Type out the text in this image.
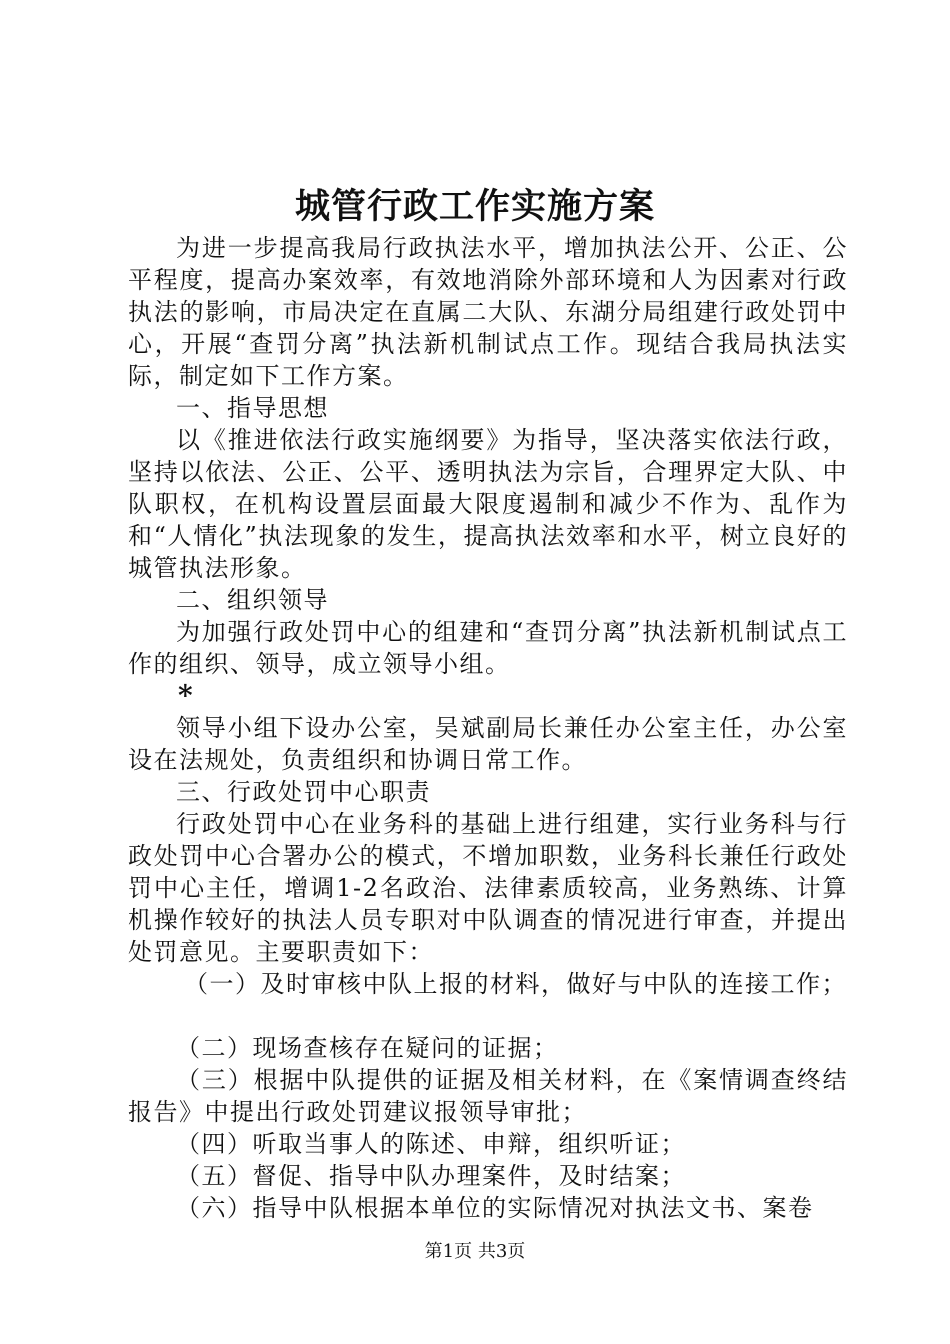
城管行政工作实施方案

为进一步提高我局行政执法水平，增加执法公开、公正、公平程度，提高办案效率，有效地消除外部环境和人为因素对行政执法的影响，市局决定在直属二大队、东湖分局组建行政处罚中心，开展“查罚分离”执法新机制试点工作。现结合我局执法实际，制定如下工作方案。

一、指导思想

以《推进依法行政实施纲要》为指导，坚决落实依法行政，坚持以依法、公正、公平、透明执法为宗旨，合理界定大队、中队职权，在机构设置层面最大限度遏制和减少不作为、乱作为和“人情化”执法现象的发生，提高执法效率和水平，树立良好的城管执法形象。

二、组织领导

为加强行政处罚中心的组建和“查罚分离”执法新机制试点工作的组织、领导，成立领导小组。

*

领导小组下设办公室，吴斌副局长兼任办公室主任，办公室设在法规处，负责组织和协调日常工作。

三、行政处罚中心职责

行政处罚中心在业务科的基础上进行组建，实行业务科与行政处罚中心合署办公的模式，不增加职数，业务科长兼任行政处罚中心主任，增调1-2名政治、法律素质较高，业务熟练、计算机操作较好的执法人员专职对中队调查的情况进行审查，并提出处罚意见。主要职责如下：

（一）及时审核中队上报的材料，做好与中队的连接工作；

（二）现场查核存在疑问的证据；

（三）根据中队提供的证据及相关材料，在《案情调查终结报告》中提出行政处罚建议报领导审批；

（四）听取当事人的陈述、申辩，组织听证；

（五）督促、指导中队办理案件，及时结案；

（六）指导中队根据本单位的实际情况对执法文书、案卷

第1页 共3页
